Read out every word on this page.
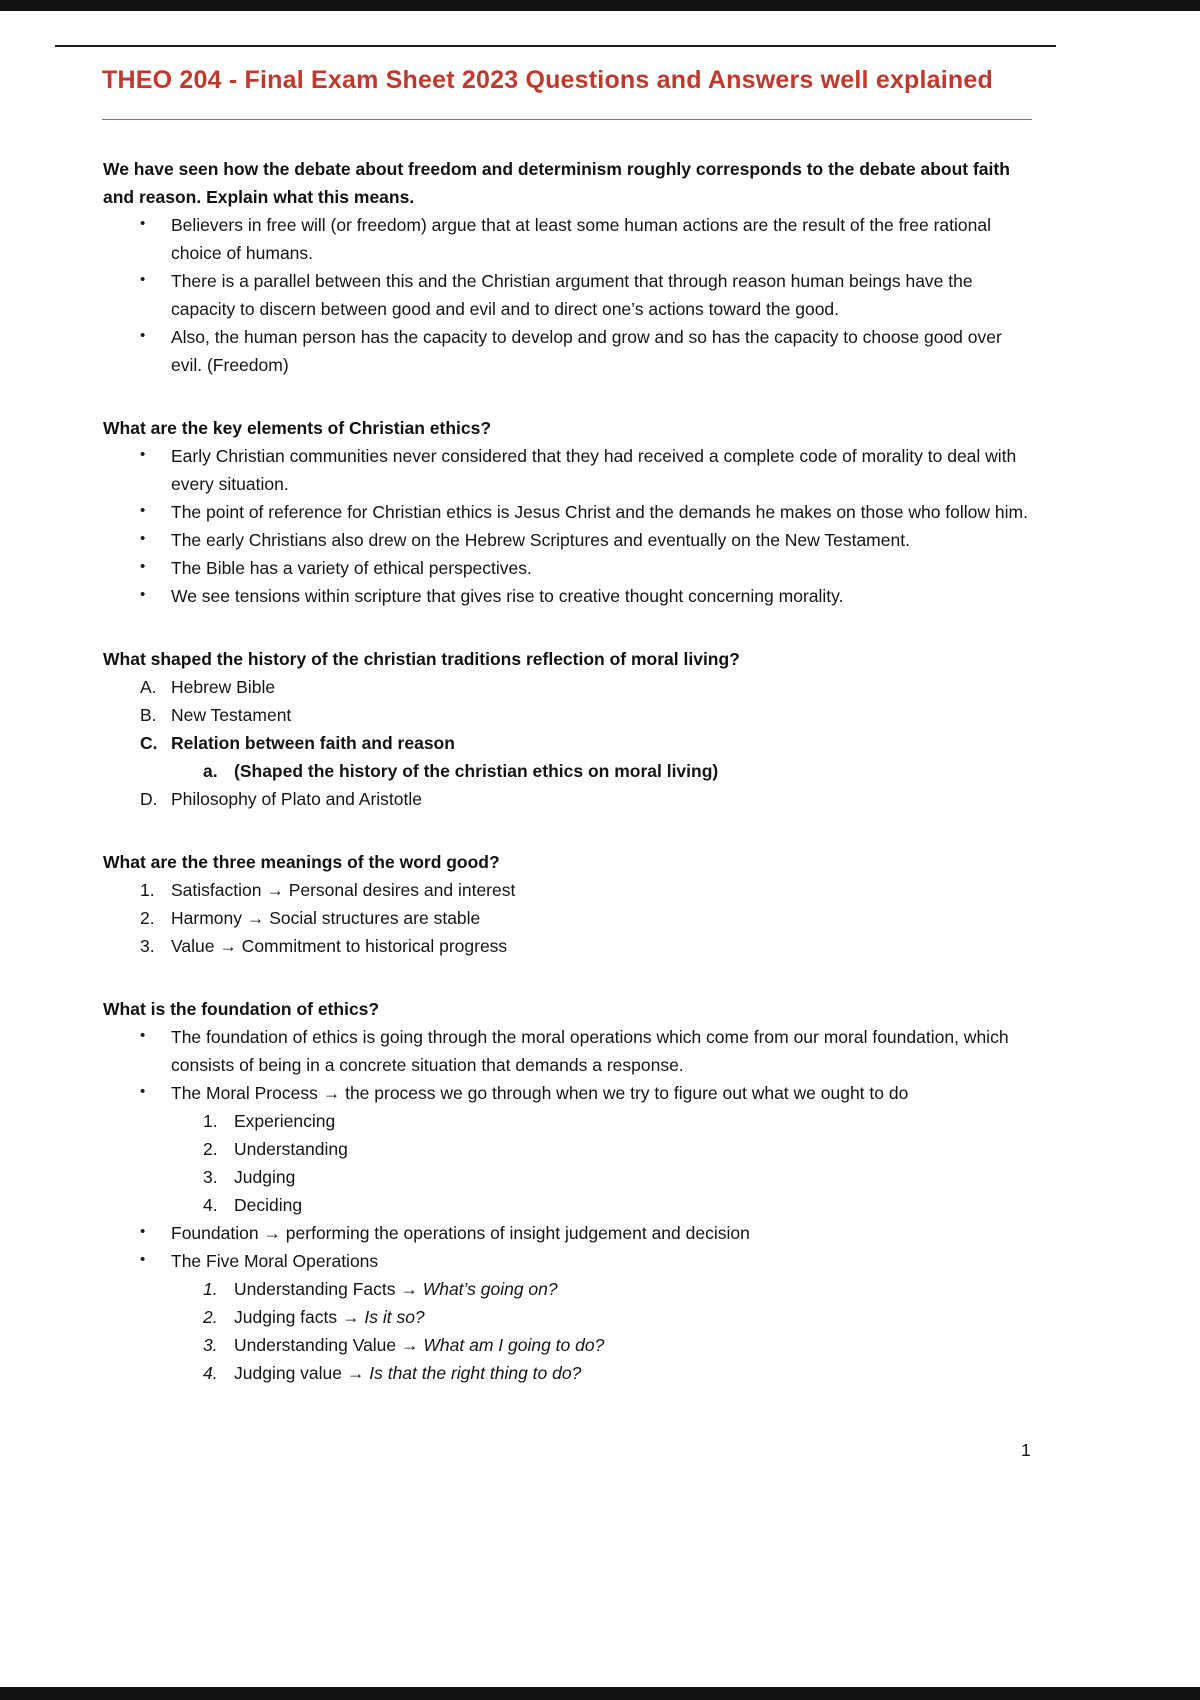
THEO 204 - Final Exam Sheet 2023 Questions and Answers well explained
We have seen how the debate about freedom and determinism roughly corresponds to the debate about faith and reason. Explain what this means.
•	Believers in free will (or freedom) argue that at least some human actions are the result of the free rational choice of humans.
•	There is a parallel between this and the Christian argument that through reason human beings have the capacity to discern between good and evil and to direct one’s actions toward the good.
•	Also, the human person has the capacity to develop and grow and so has the capacity to choose good over evil. (Freedom)
What are the key elements of Christian ethics?
•	Early Christian communities never considered that they had received a complete code of morality to deal with every situation.
•	The point of reference for Christian ethics is Jesus Christ and the demands he makes on those who follow him.
•	The early Christians also drew on the Hebrew Scriptures and eventually on the New Testament.
•	The Bible has a variety of ethical perspectives.
•	We see tensions within scripture that gives rise to creative thought concerning morality.
What shaped the history of the christian traditions reflection of moral living?
A. Hebrew Bible
B. New Testament
C. Relation between faith and reason
a. (Shaped the history of the christian ethics on moral living)
D. Philosophy of Plato and Aristotle
What are the three meanings of the word good?
1. Satisfaction → Personal desires and interest
2. Harmony → Social structures are stable
3. Value → Commitment to historical progress
What is the foundation of ethics?
•	The foundation of ethics is going through the moral operations which come from our moral foundation, which consists of being in a concrete situation that demands a response.
•	The Moral Process → the process we go through when we try to figure out what we ought to do
1. Experiencing
2. Understanding
3. Judging
4. Deciding
•	Foundation → performing the operations of insight judgement and decision
•	The Five Moral Operations
1. Understanding Facts → What’s going on?
2. Judging facts → Is it so?
3. Understanding Value → What am I going to do?
4. Judging value → Is that the right thing to do?
1
